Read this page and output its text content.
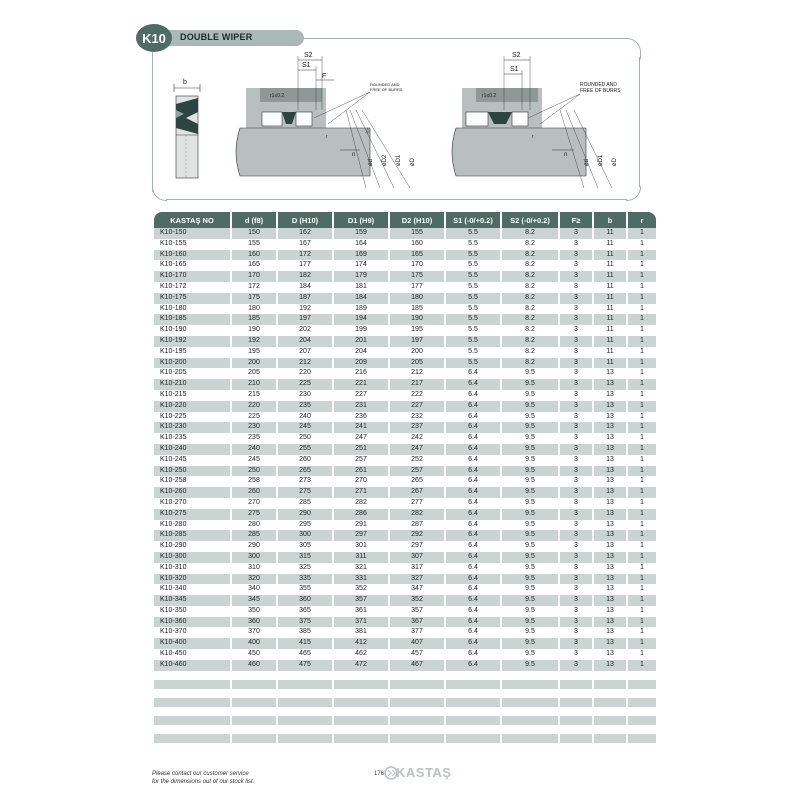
K10	DOUBLE WIPER
b
S2
S1
F
r1≤0.2
ROUNDED AND
FREE OF BURRS
n
r
30°
ød øD2 øD1 øD
S2
S1
r1≤0.2
ROUNDED AND
FREE OF BURRS
n
r
ød øD1 øD
KASTAŞ NO	d (f8)	D (H10)	D1 (H9)	D2 (H10)	S1 (-0/+0.2)	S2 (-0/+0.2)	F≥	b	r
K10-150	150	162	159	155	5.5	8.2	3	11	1
K10-155	155	167	164	160	5.5	8.2	3	11	1
K10-160	160	172	169	165	5.5	8.2	3	11	1
K10-165	165	177	174	170	5.5	8.2	3	11	1
K10-170	170	182	179	175	5.5	8.2	3	11	1
K10-172	172	184	181	177	5.5	8.2	3	11	1
K10-175	175	187	184	180	5.5	8.2	3	11	1
K10-180	180	192	189	185	5.5	8.2	3	11	1
K10-185	185	197	194	190	5.5	8.2	3	11	1
K10-190	190	202	199	195	5.5	8.2	3	11	1
K10-192	192	204	201	197	5.5	8.2	3	11	1
K10-195	195	207	204	200	5.5	8.2	3	11	1
K10-200	200	212	209	205	5.5	8.2	3	11	1
K10-205	205	220	216	212	6.4	9.5	3	13	1
K10-210	210	225	221	217	6.4	9.5	3	13	1
K10-215	215	230	227	222	6.4	9.5	3	13	1
K10-220	220	235	231	227	6.4	9.5	3	13	1
K10-225	225	240	236	232	6.4	9.5	3	13	1
K10-230	230	245	241	237	6.4	9.5	3	13	1
K10-235	235	250	247	242	6.4	9.5	3	13	1
K10-240	240	255	251	247	6.4	9.5	3	13	1
K10-245	245	260	257	252	6.4	9.5	3	13	1
K10-250	250	265	261	257	6.4	9.5	3	13	1
K10-258	258	273	270	265	6.4	9.5	3	13	1
K10-260	260	275	271	267	6.4	9.5	3	13	1
K10-270	270	285	282	277	6.4	9.5	3	13	1
K10-275	275	290	286	282	6.4	9.5	3	13	1
K10-280	280	295	291	287	6.4	9.5	3	13	1
K10-285	285	300	297	292	6.4	9.5	3	13	1
K10-290	290	305	301	297	6.4	9.5	3	13	1
K10-300	300	315	311	307	6.4	9.5	3	13	1
K10-310	310	325	321	317	6.4	9.5	3	13	1
K10-320	320	335	331	327	6.4	9.5	3	13	1
K10-340	340	355	352	347	6.4	9.5	3	13	1
K10-345	345	360	357	352	6.4	9.5	3	13	1
K10-350	350	365	361	357	6.4	9.5	3	13	1
K10-360	360	375	371	367	6.4	9.5	3	13	1
K10-370	370	385	381	377	6.4	9.5	3	13	1
K10-400	400	415	412	407	6.4	9.5	3	13	1
K10-450	450	465	462	457	6.4	9.5	3	13	1
K10-460	460	475	472	467	6.4	9.5	3	13	1

Please contact our customer service
for the dimensions out of our stock list.
176 KASTAŞ
